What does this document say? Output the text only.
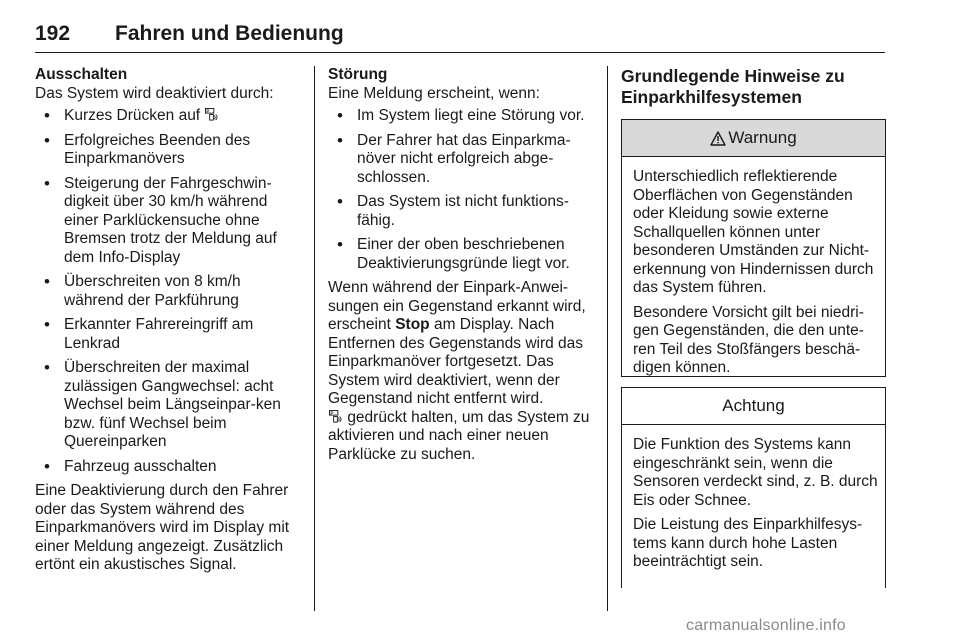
192 Fahren und Bedienung
Ausschalten
Das System wird deaktiviert durch:
• Kurzes Drücken auf P
• Erfolgreiches Beenden des Einparkmanövers
• Steigerung der Fahrgeschwin-digkeit über 30 km/h während einer Parklückensuche ohne Bremsen trotz der Meldung auf dem Info-Display
• Überschreiten von 8 km/h während der Parkführung
• Erkannter Fahrereingriff am Lenkrad
• Überschreiten der maximal zulässigen Gangwechsel: acht Wechsel beim Längseinpar-ken bzw. fünf Wechsel beim Quereinparken
• Fahrzeug ausschalten
Eine Deaktivierung durch den Fahrer oder das System während des Einparkmanövers wird im Display mit einer Meldung angezeigt. Zusätzlich ertönt ein akustisches Signal.
Störung
Eine Meldung erscheint, wenn:
• Im System liegt eine Störung vor.
• Der Fahrer hat das Einparkma-növer nicht erfolgreich abge-schlossen.
• Das System ist nicht funktions-fähig.
• Einer der oben beschriebenen Deaktivierungsgründe liegt vor.
Wenn während der Einpark-Anwei-sungen ein Gegenstand erkannt wird, erscheint Stop am Display. Nach Entfernen des Gegenstands wird das Einparkmanöver fortgesetzt. Das System wird deaktiviert, wenn der Gegenstand nicht entfernt wird.
P gedrückt halten, um das System zu aktivieren und nach einer neuen Parklücke zu suchen.
Grundlegende Hinweise zu Einparkhilfesystemen
Warnung
Unterschiedlich reflektierende Oberflächen von Gegenständen oder Kleidung sowie externe Schallquellen können unter besonderen Umständen zur Nicht-erkennung von Hindernissen durch das System führen.
Besondere Vorsicht gilt bei niedri-gen Gegenständen, die den unte-ren Teil des Stoßfängers beschä-digen können.
Achtung
Die Funktion des Systems kann eingeschränkt sein, wenn die Sensoren verdeckt sind, z. B. durch Eis oder Schnee.
Die Leistung des Einparkhilfesys-tems kann durch hohe Lasten beeinträchtigt sein.
carmanualsonline.info
